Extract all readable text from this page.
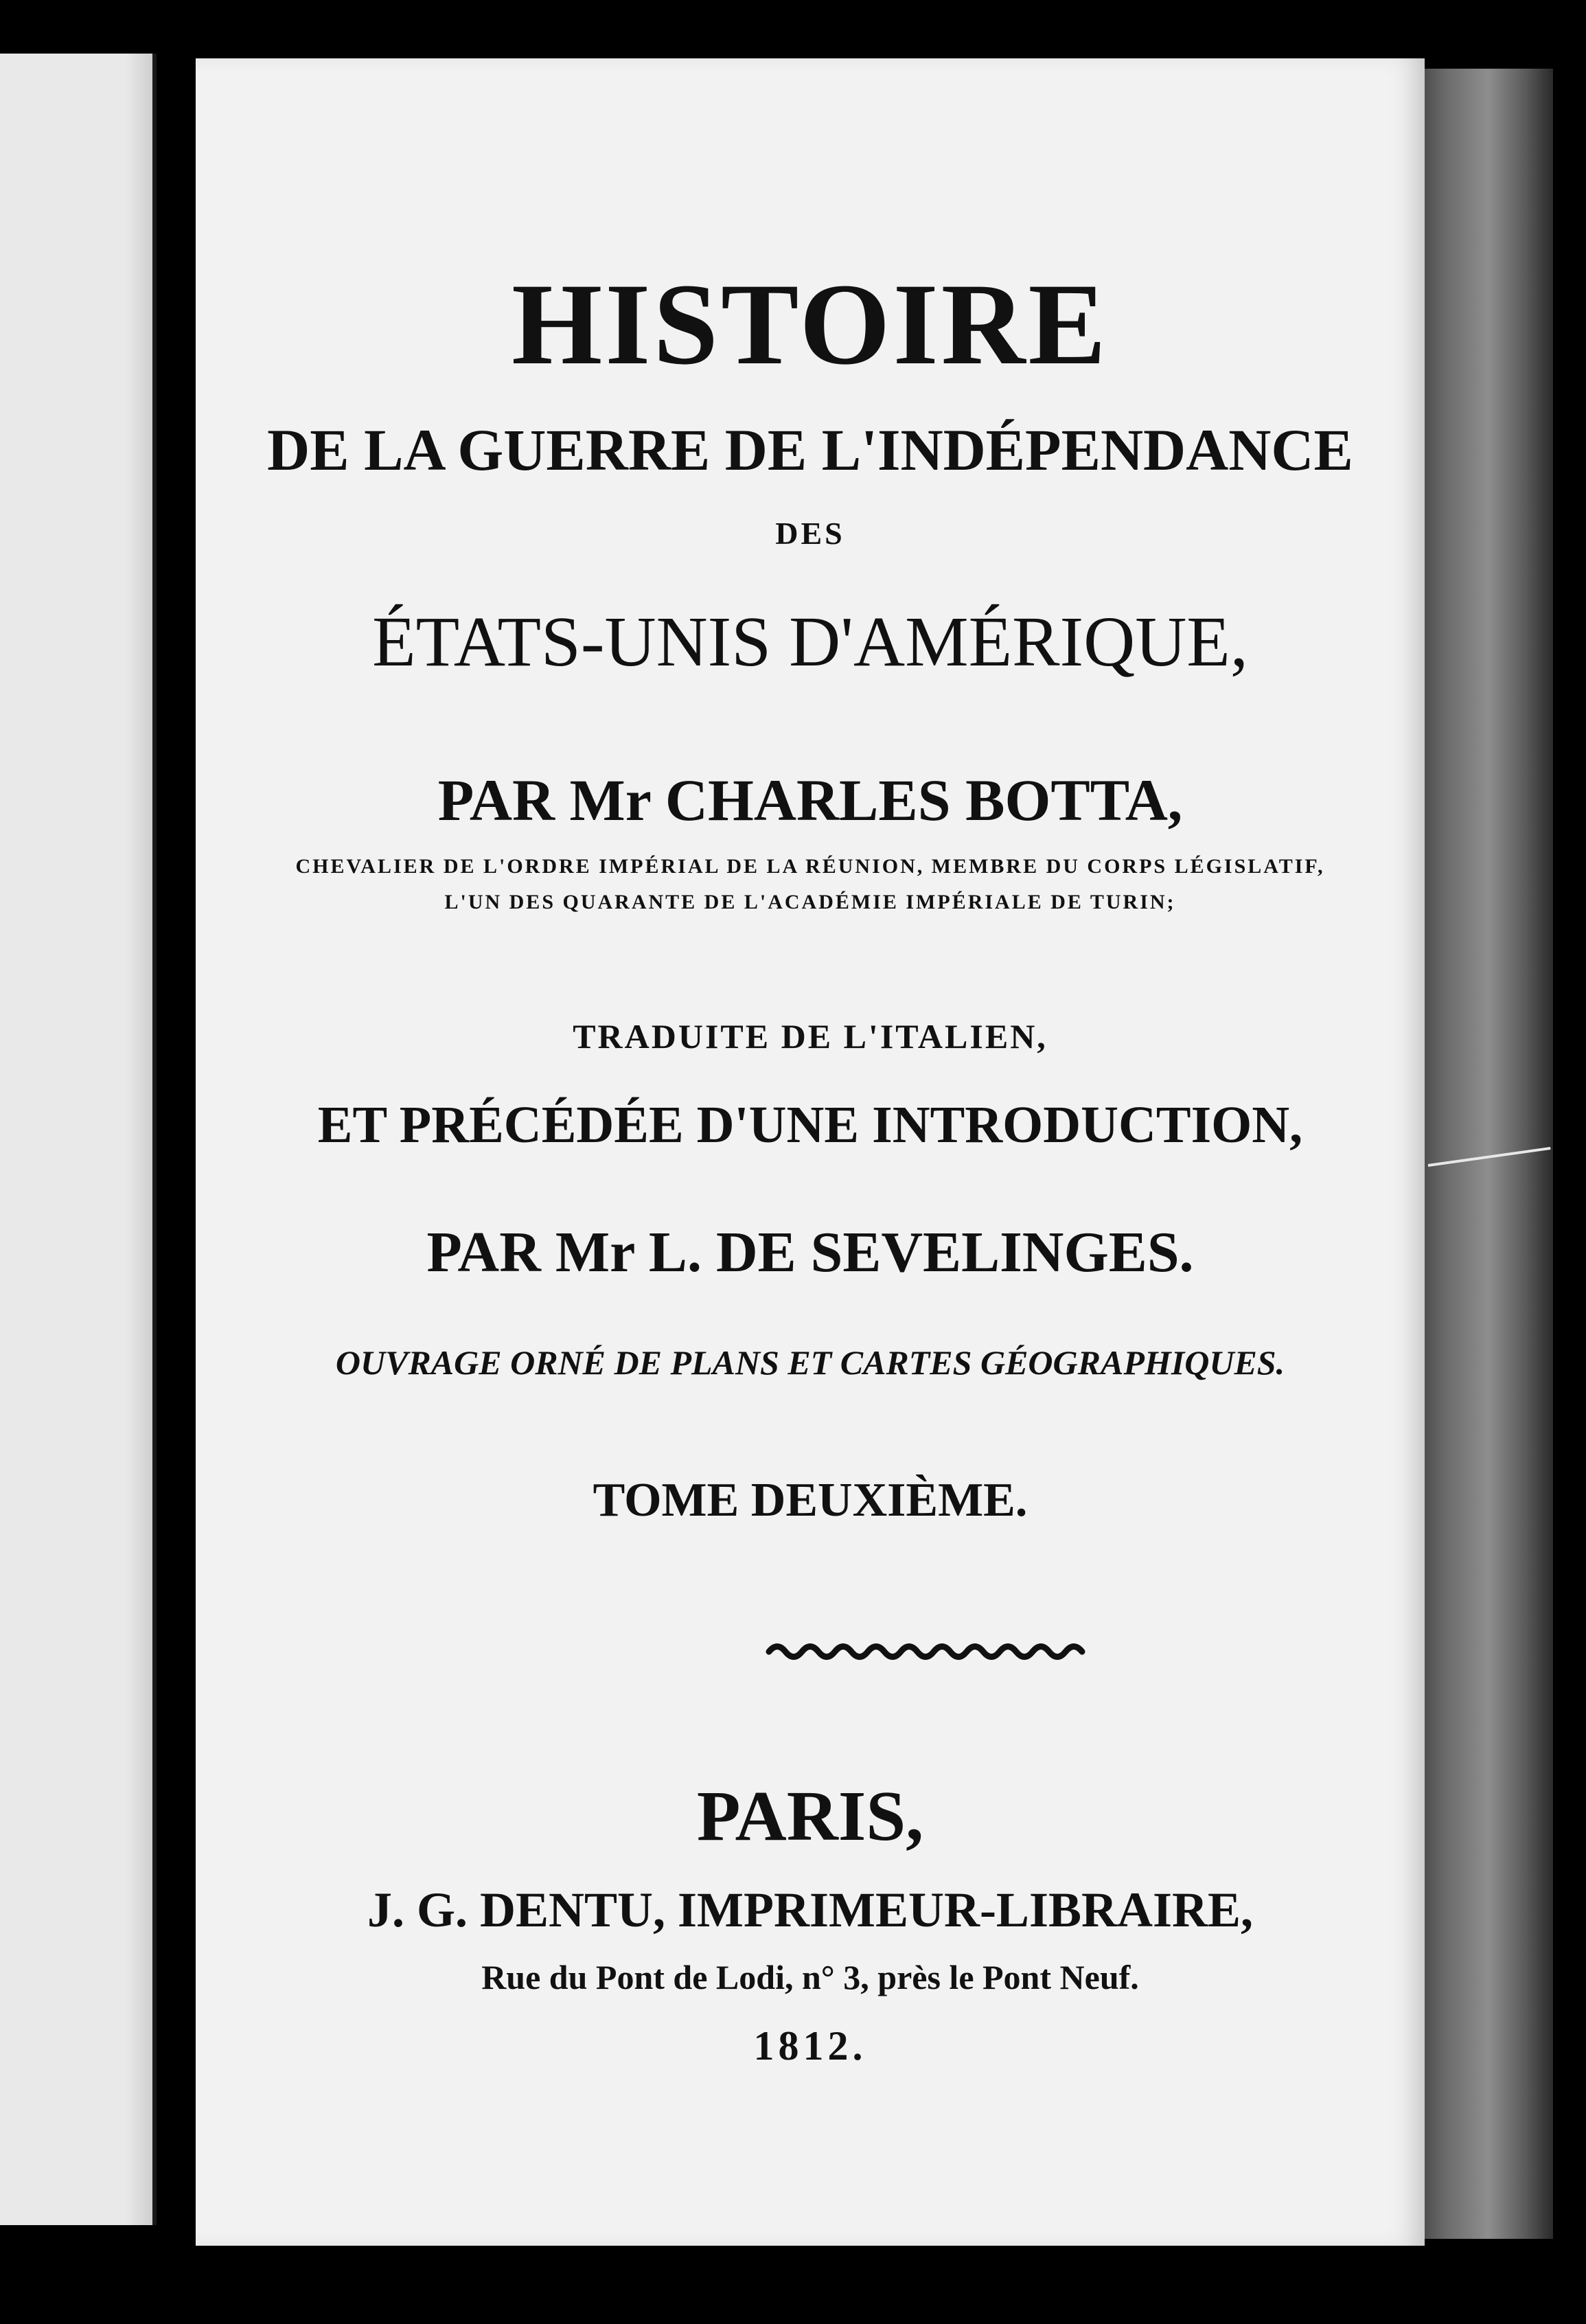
HISTOIRE
DE LA GUERRE DE L'INDÉPENDANCE
DES
ÉTATS-UNIS D'AMÉRIQUE,
PAR Mr CHARLES BOTTA,
CHEVALIER DE L'ORDRE IMPÉRIAL DE LA RÉUNION, MEMBRE DU CORPS LÉGISLATIF,
L'UN DES QUARANTE DE L'ACADÉMIE IMPÉRIALE DE TURIN;
TRADUITE DE L'ITALIEN,
ET PRÉCÉDÉE D'UNE INTRODUCTION,
PAR Mr L. DE SEVELINGES.
OUVRAGE ORNÉ DE PLANS ET CARTES GÉOGRAPHIQUES.
TOME DEUXIÈME.
PARIS,
J. G. DENTU, IMPRIMEUR-LIBRAIRE,
Rue du Pont de Lodi, n° 3, près le Pont Neuf.
1812.
